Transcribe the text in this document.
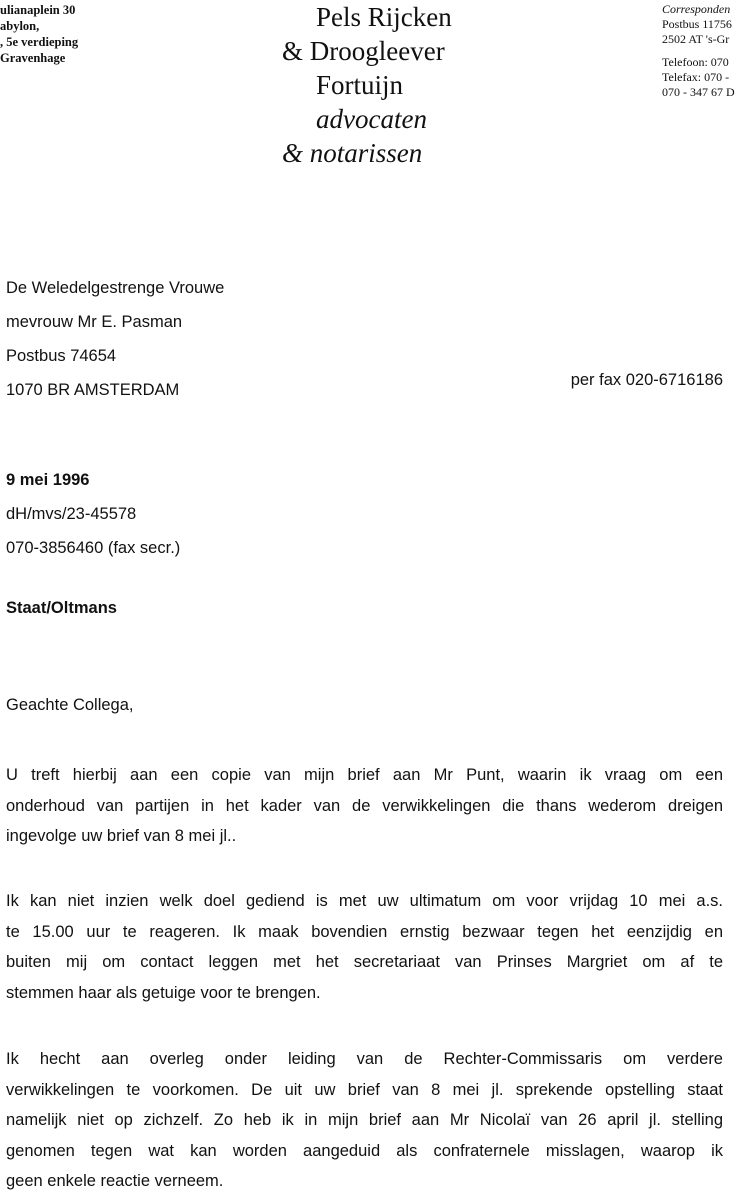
ulianaplein 30
abylon,
, 5e verdieping
Gravenhage
Pels Rijcken
& Droogleever
Fortuijn
advocaten
& notarissen
Corresponden
Postbus 11756
2502 AT 's-Gr
Telefoon: 070
Telefax: 070 -
070 - 347 67 D
De Weledelgestrenge Vrouwe
mevrouw Mr E. Pasman
Postbus 74654
1070 BR AMSTERDAM
per fax 020-6716186
9 mei 1996
dH/mvs/23-45578
070-3856460 (fax secr.)
Staat/Oltmans
Geachte Collega,
U treft hierbij aan een copie van mijn brief aan Mr Punt, waarin ik vraag om een
onderhoud van partijen in het kader van de verwikkelingen die thans wederom dreigen
ingevolge uw brief van 8 mei jl..
Ik kan niet inzien welk doel gediend is met uw ultimatum om voor vrijdag 10 mei a.s.
te 15.00 uur te reageren. Ik maak bovendien ernstig bezwaar tegen het eenzijdig en
buiten mij om contact leggen met het secretariaat van Prinses Margriet om af te
stemmen haar als getuige voor te brengen.
Ik hecht aan overleg onder leiding van de Rechter-Commissaris om verdere
verwikkelingen te voorkomen. De uit uw brief van 8 mei jl. sprekende opstelling staat
namelijk niet op zichzelf. Zo heb ik in mijn brief aan Mr Nicolaï van 26 april jl. stelling
genomen tegen wat kan worden aangeduid als confraternele misslagen, waarop ik
geen enkele reactie verneem.
